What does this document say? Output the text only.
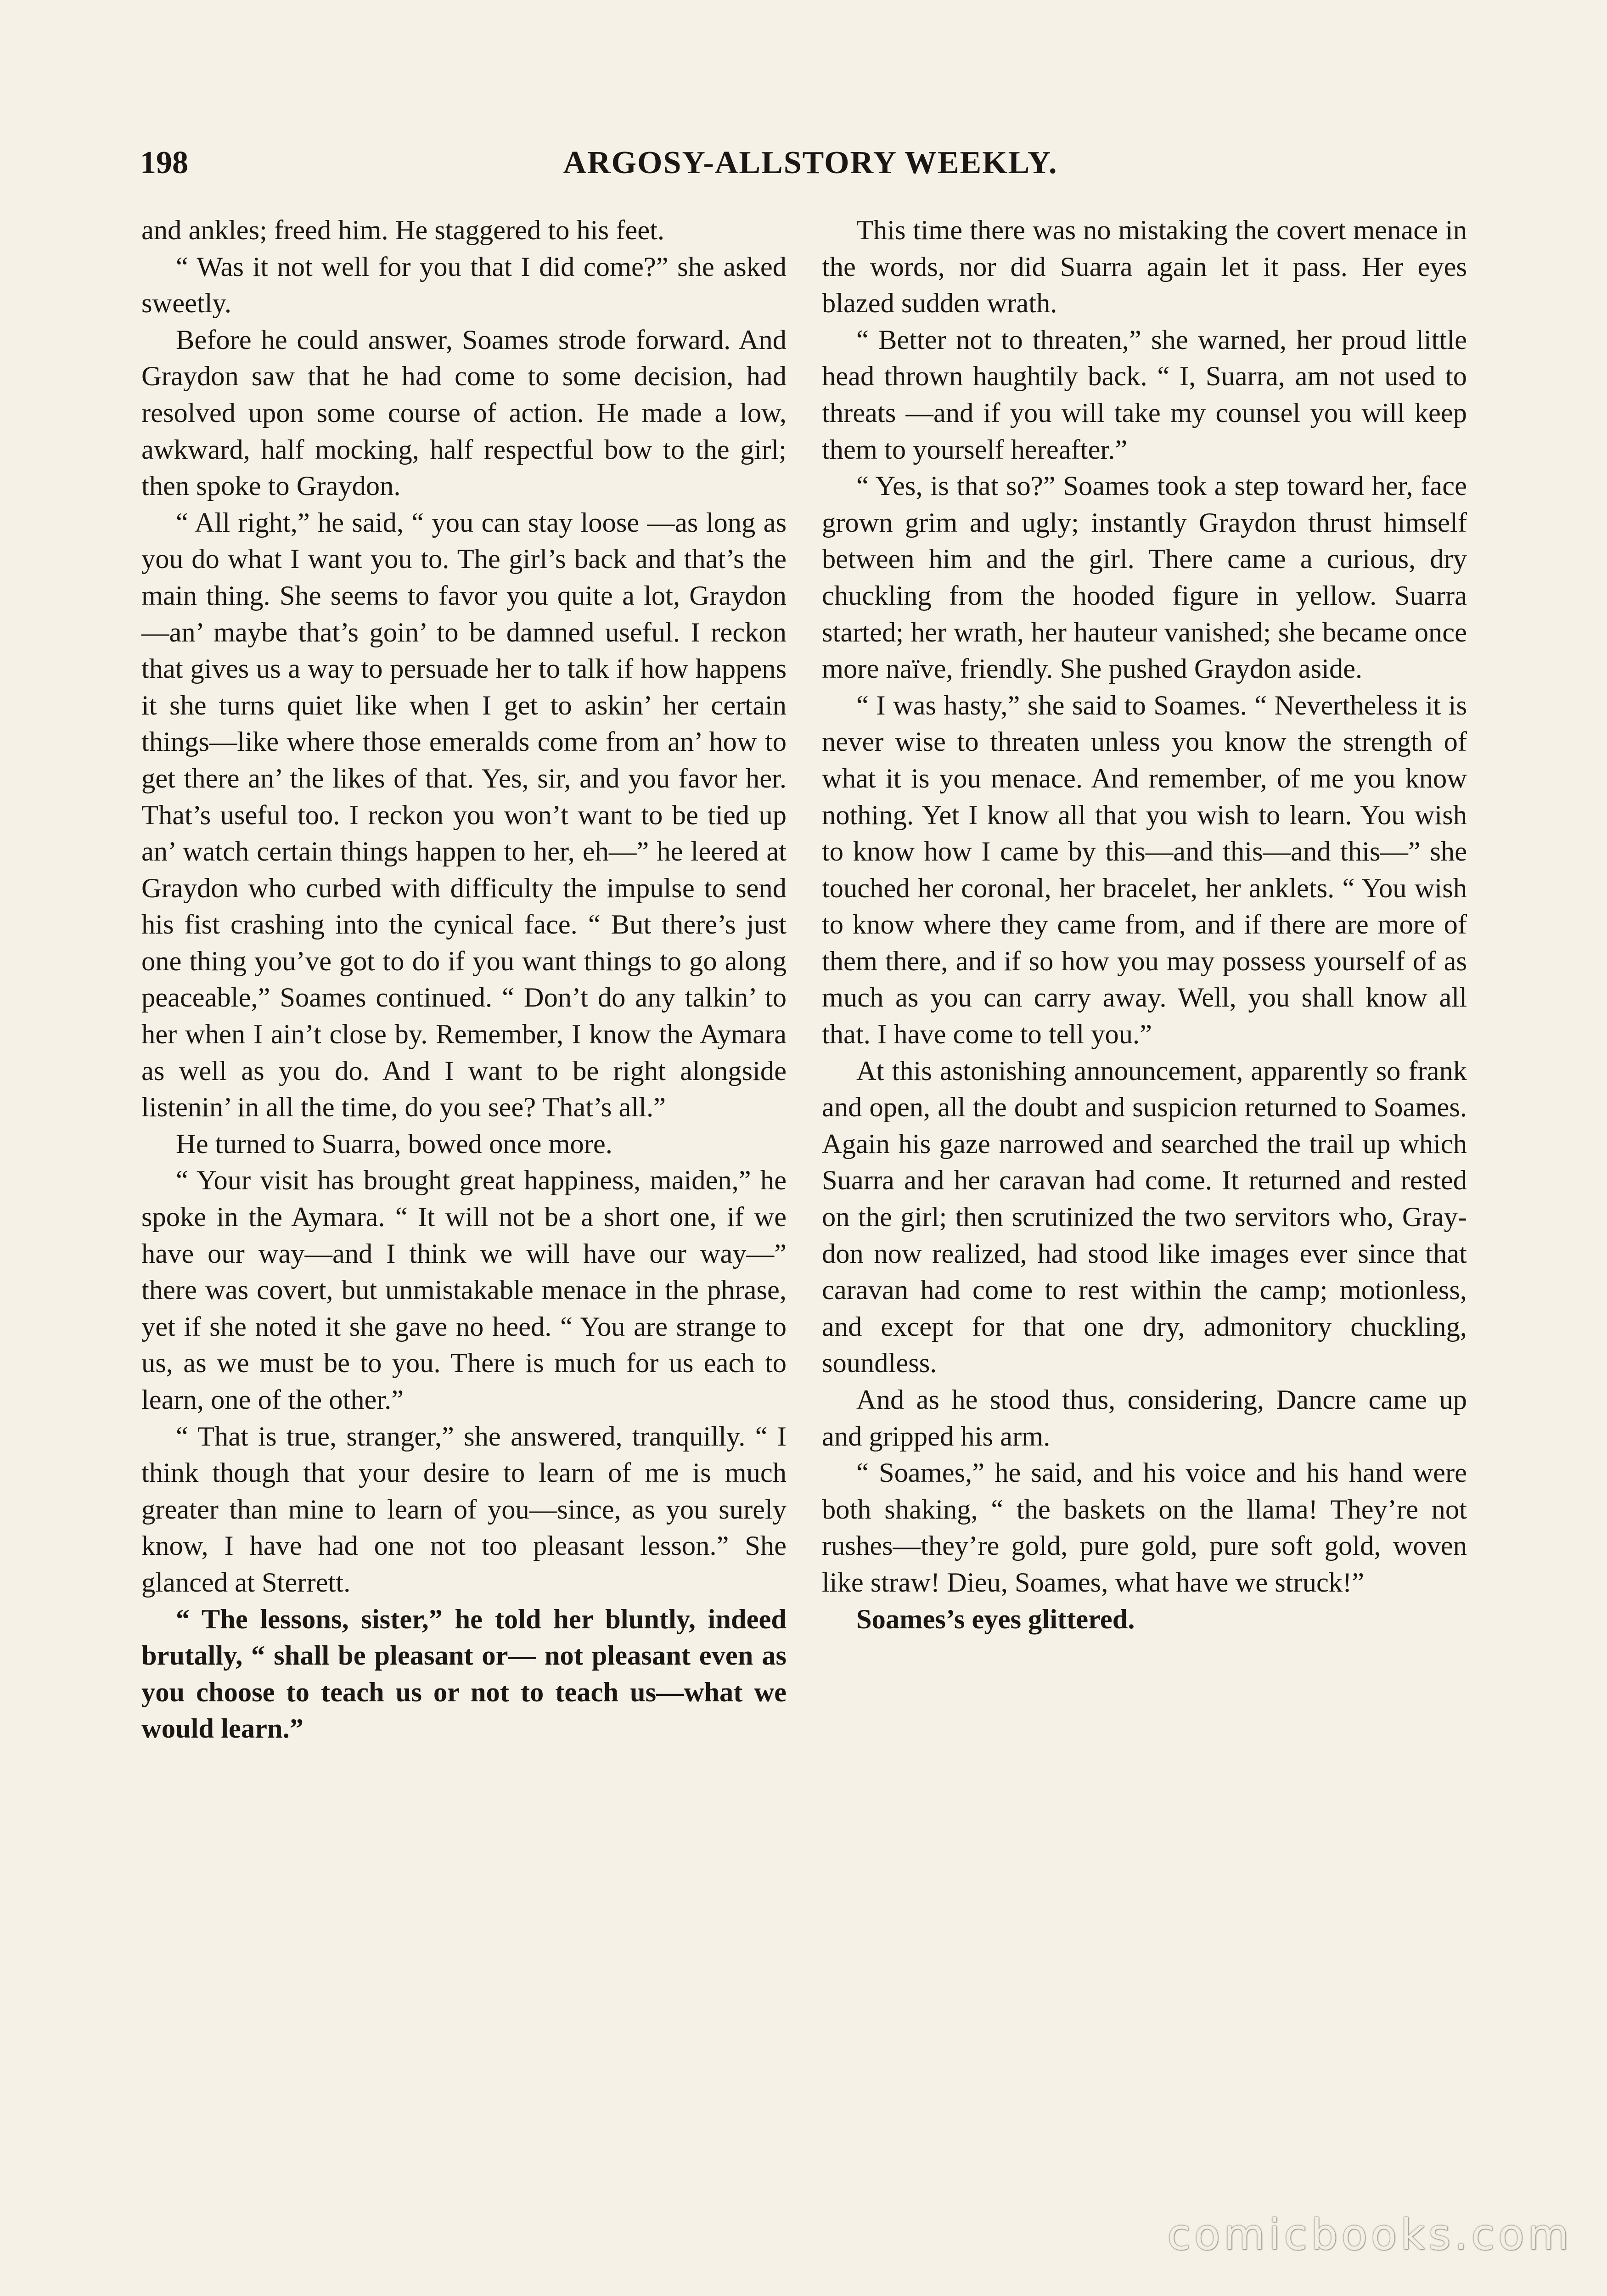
198	ARGOSY-ALLSTORY WEEKLY.

and ankles; freed him. He staggered to his feet.

“ Was it not well for you that I did come?” she asked sweetly.

Before he could answer, Soames strode forward. And Graydon saw that he had come to some decision, had resolved upon some course of action. He made a low, awkward, half mocking, half respectful bow to the girl; then spoke to Graydon.

“ All right,” he said, “ you can stay loose —as long as you do what I want you to. The girl’s back and that’s the main thing. She seems to favor you quite a lot, Graydon —an’ maybe that’s goin’ to be damned useful. I reckon that gives us a way to persuade her to talk if how happens it she turns quiet like when I get to askin’ her certain things—like where those emeralds come from an’ how to get there an’ the likes of that. Yes, sir, and you favor her. That’s useful too. I reckon you won’t want to be tied up an’ watch certain things happen to her, eh—” he leered at Graydon who curbed with difficulty the impulse to send his fist crashing into the cynical face. “ But there’s just one thing you’ve got to do if you want things to go along peaceable,” Soames continued. “ Don’t do any talkin’ to her when I ain’t close by. Remember, I know the Aymara as well as you do. And I want to be right alongside listenin’ in all the time, do you see? That’s all.”

He turned to Suarra, bowed once more.

“ Your visit has brought great happiness, maiden,” he spoke in the Aymara. “ It will not be a short one, if we have our way—and I think we will have our way—” there was covert, but unmistakable menace in the phrase, yet if she noted it she gave no heed. “ You are strange to us, as we must be to you. There is much for us each to learn, one of the other.”

“ That is true, stranger,” she answered, tranquilly. “ I think though that your desire to learn of me is much greater than mine to learn of you—since, as you surely know, I have had one not too pleasant lesson.” She glanced at Sterrett.

“ The lessons, sister,” he told her bluntly, indeed brutally, “ shall be pleasant or— not pleasant even as you choose to teach us or not to teach us—what we would learn.”

This time there was no mistaking the covert menace in the words, nor did Suarra again let it pass. Her eyes blazed sudden wrath.

“ Better not to threaten,” she warned, her proud little head thrown haughtily back. “ I, Suarra, am not used to threats —and if you will take my counsel you will keep them to yourself hereafter.”

“ Yes, is that so?” Soames took a step toward her, face grown grim and ugly; instantly Graydon thrust himself between him and the girl. There came a curious, dry chuckling from the hooded figure in yellow. Suarra started; her wrath, her hauteur vanished; she became once more naïve, friendly. She pushed Graydon aside.

“ I was hasty,” she said to Soames. “ Nevertheless it is never wise to threaten unless you know the strength of what it is you menace. And remember, of me you know nothing. Yet I know all that you wish to learn. You wish to know how I came by this—and this—and this—” she touched her coronal, her bracelet, her anklets. “ You wish to know where they came from, and if there are more of them there, and if so how you may possess yourself of as much as you can carry away. Well, you shall know all that. I have come to tell you.”

At this astonishing announcement, apparently so frank and open, all the doubt and suspicion returned to Soames. Again his gaze narrowed and searched the trail up which Suarra and her caravan had come. It returned and rested on the girl; then scrutinized the two servitors who, Graydon now realized, had stood like images ever since that caravan had come to rest within the camp; motionless, and except for that one dry, admonitory chuckling, soundless.

And as he stood thus, considering, Dancre came up and gripped his arm.

“ Soames,” he said, and his voice and his hand were both shaking, “ the baskets on the llama! They’re not rushes—they’re gold, pure gold, pure soft gold, woven like straw! Dieu, Soames, what have we struck!”

Soames’s eyes glittered.

comicbooks.com
